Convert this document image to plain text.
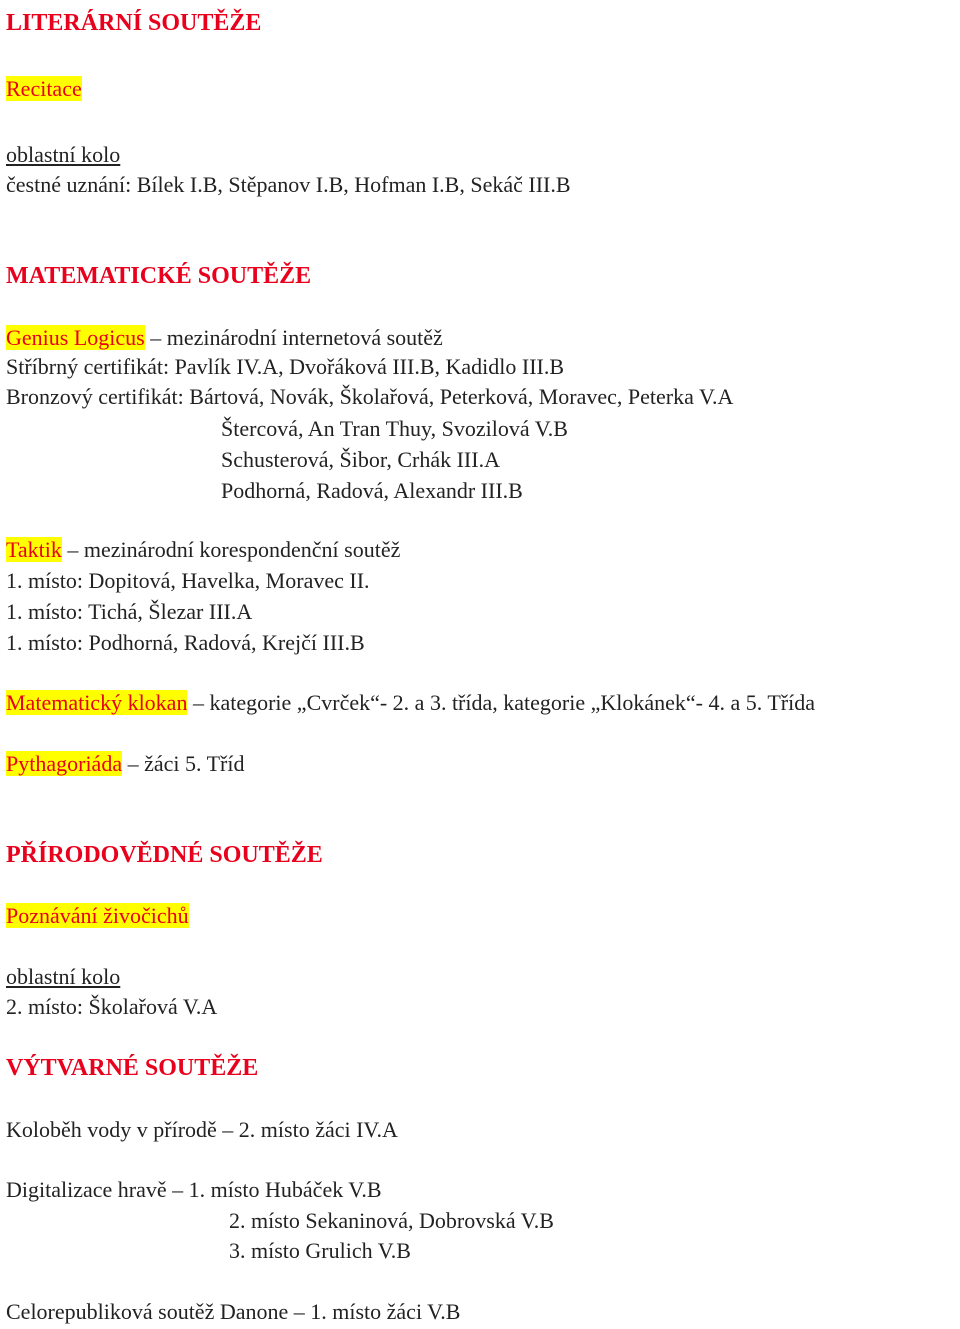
LITERÁRNÍ SOUTĚŽE
Recitace
oblastní kolo
čestné uznání: Bílek I.B, Stěpanov I.B, Hofman I.B, Sekáč III.B
MATEMATICKÉ SOUTĚŽE
Genius Logicus – mezinárodní internetová soutěž
Stříbrný certifikát: Pavlík IV.A, Dvořáková III.B, Kadidlo III.B
Bronzový certifikát: Bártová, Novák, Školařová, Peterková, Moravec, Peterka V.A
Štercová, An Tran Thuy, Svozilová V.B
Schusterová, Šibor, Crhák III.A
Podhorná, Radová, Alexandr III.B
Taktik – mezinárodní korespondenční soutěž
1. místo: Dopitová, Havelka, Moravec II.
1. místo: Tichá, Šlezar III.A
1. místo: Podhorná, Radová, Krejčí III.B
Matematický klokan – kategorie „Cvrček“- 2. a 3. třída, kategorie „Klokánek“- 4. a 5. Třída
Pythagoriáda – žáci 5. Tříd
PŘÍRODOVĚDNÉ SOUTĚŽE
Poznávání živočichů
oblastní kolo
2. místo: Školařová V.A
VÝTVARNÉ SOUTĚŽE
Koloběh vody v přírodě – 2. místo žáci IV.A
Digitalizace hravě – 1. místo Hubáček V.B
2. místo Sekaninová, Dobrovská V.B
3. místo Grulich V.B
Celorepubliková soutěž Danone – 1. místo žáci V.B
